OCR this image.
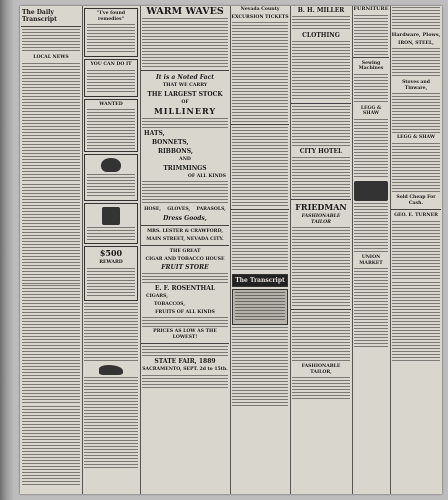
The Daily Transcript
LOCAL NEWS
"I've found remedies"
YOU CAN DO IT
WANTED
$500
REWARD
WARM WAVES
It is a Noted Fact
THAT WE CARRY
THE LARGEST STOCK
OF
MILLINERY
HATS,
BONNETS,
RIBBONS,
AND
TRIMMINGS
OF ALL KINDS
HOSE, GLOVES, PARASOLS,
Dress Goods,
MRS. LESTER & CRAWFORD,
MAIN STREET, NEVADA CITY.
THE GREAT
CIGAR AND TOBACCO HOUSE
FRUIT STORE
E. F. ROSENTHAL
CIGARS,
TOBACCOS,
FRUITS OF ALL KINDS
PRICES AS LOW AS THE LOWEST!
STATE FAIR, 1889
SACRAMENTO, SEPT. 2d to 15th.
Nevada County
EXCURSION TICKETS
The Transcript
B. H. MILLER
CLOTHING
CITY HOTEL
FRIEDMAN
FASHIONABLE TAILOR
FASHIONABLE TAILOR,
FURNITURE
Sewing Machines
LEGG & SHAW
UNION MARKET
Hardware, Plows,
IRON, STEEL,
Stoves and Tinware,
LEGG & SHAW
Sold Cheap For Cash.
GEO. E. TURNER
